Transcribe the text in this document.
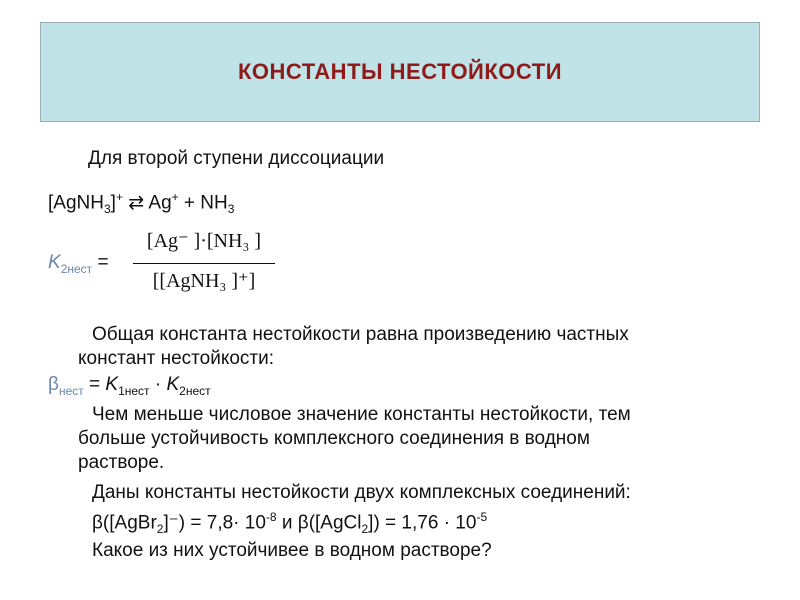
КОНСТАНТЫ НЕСТОЙКОСТИ
Для второй ступени диссоциации
[AgNH$_3$]+ ⇄ $Ag^+ + NH_3$
$K_{2нест}$ =
[Ag⁻ ]·[NH₃ ]
[[AgNH₃ ]⁺]
Общая константа нестойкости равна произведению частных
констант нестойкости:
$\beta_{нест} = K_{1нест} \cdot K_{2нест}$
Чем меньше числовое значение константы нестойкости, тем
больше устойчивость комплексного соединения в водном
растворе.
Даны константы нестойкости двух комплексных соединений:
β([AgBr$_2$]⁻) = $7,8\cdot 10^{-8}$ и β([AgCl$_2$]) = $1,76 \cdot 10^{-5}$
Какое из них устойчивее в водном растворе?
